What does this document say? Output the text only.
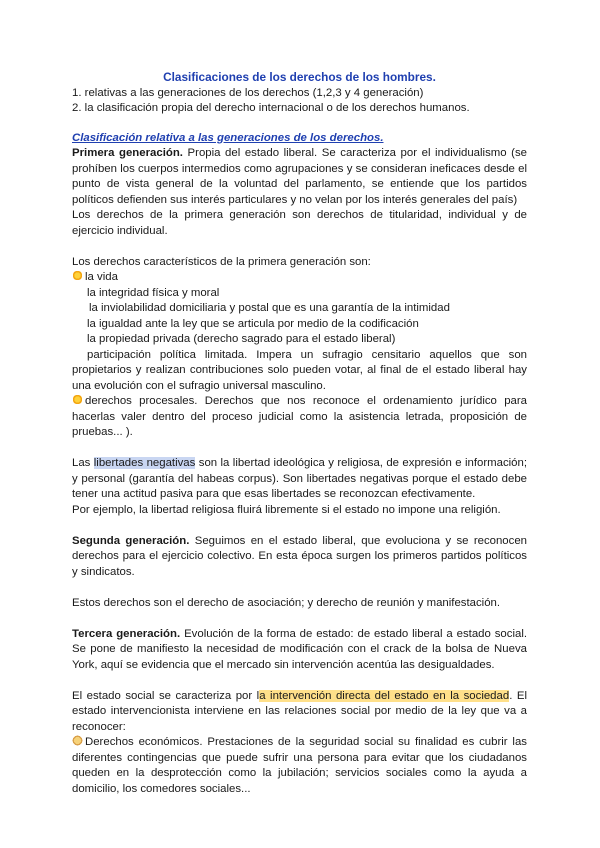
Clasificaciones de los derechos de los hombres.

1. relativas a las generaciones de los derechos (1,2,3 y 4 generación)

2. la clasificación propia del derecho internacional o de los derechos humanos.

Clasificación relativa a las generaciones de los derechos.

Primera generación. Propia del estado liberal. Se caracteriza por el individualismo (se prohíben los cuerpos intermedios como agrupaciones y se consideran ineficaces desde el punto de vista general de la voluntad del parlamento, se entiende que los partidos políticos defienden sus interés particulares y no velan por los interés generales del país)

Los derechos de la primera generación son derechos de titularidad, individual y de ejercicio individual.

Los derechos característicos de la primera generación son:

la vida

la integridad física y moral

la inviolabilidad domiciliaria y postal que es una garantía de la intimidad

la igualdad ante la ley que se articula por medio de la codificación

la propiedad privada (derecho sagrado para el estado liberal)

participación política limitada. Impera un sufragio censitario aquellos que son propietarios y realizan contribuciones solo pueden votar, al final de el estado liberal hay una evolución con el sufragio universal masculino.

derechos procesales. Derechos que nos reconoce el ordenamiento jurídico para hacerlas valer dentro del proceso judicial como la asistencia letrada, proposición de pruebas... ).

Las libertades negativas son la libertad ideológica y religiosa, de expresión e información; y personal (garantía del habeas corpus). Son libertades negativas porque el estado debe tener una actitud pasiva para que esas libertades se reconozcan efectivamente.

Por ejemplo, la libertad religiosa fluirá libremente si el estado no impone una religión.

Segunda generación. Seguimos en el estado liberal, que evoluciona y se reconocen derechos para el ejercicio colectivo. En esta época surgen los primeros partidos políticos y sindicatos.

Estos derechos son el derecho de asociación; y derecho de reunión y manifestación.

Tercera generación. Evolución de la forma de estado: de estado liberal a estado social. Se pone de manifiesto la necesidad de modificación con el crack de la bolsa de Nueva York, aquí se evidencia que el mercado sin intervención acentúa las desigualdades.

El estado social se caracteriza por la intervención directa del estado en la sociedad. El estado intervencionista interviene en las relaciones social por medio de la ley que va a reconocer:

Derechos económicos. Prestaciones de la seguridad social su finalidad es cubrir las diferentes contingencias que puede sufrir una persona para evitar que los ciudadanos queden en la desprotección como la jubilación; servicios sociales como la ayuda a domicilio, los comedores sociales...
